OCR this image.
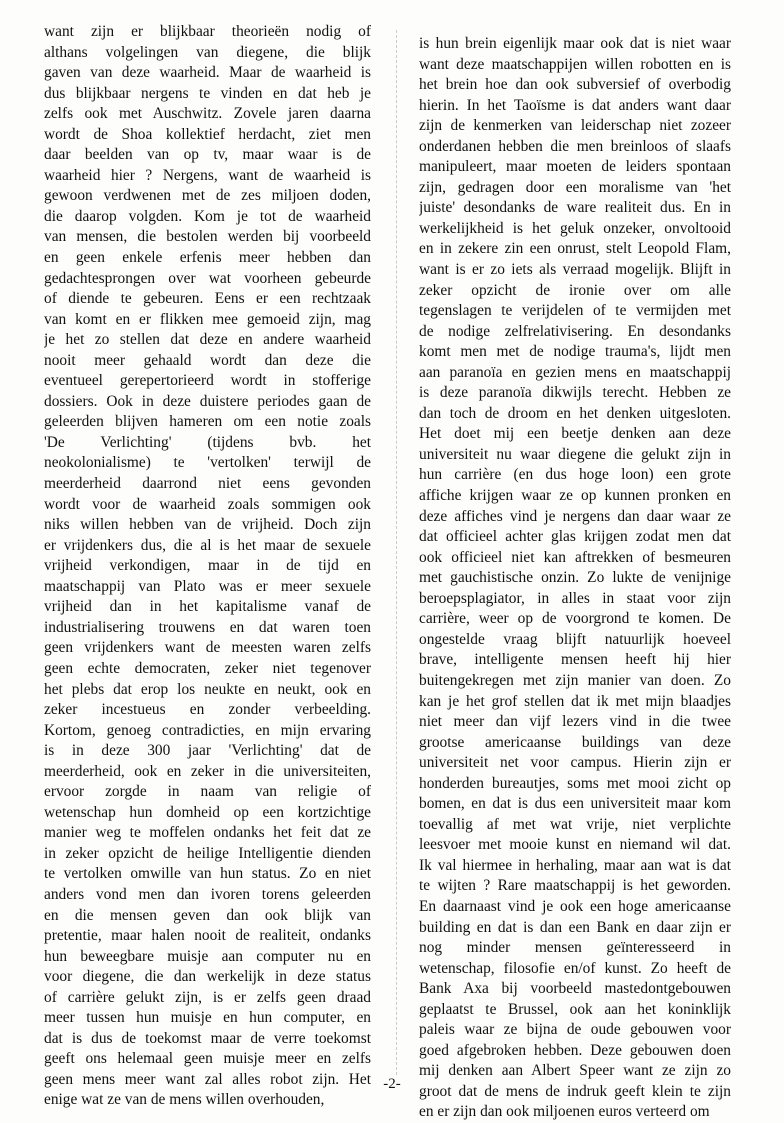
want zijn er blijkbaar theorieën nodig of
althans volgelingen van diegene, die blijk
gaven van deze waarheid. Maar de waarheid is
dus blijkbaar nergens te vinden en dat heb je
zelfs ook met Auschwitz. Zovele jaren daarna
wordt de Shoa kollektief herdacht, ziet men
daar beelden van op tv, maar waar is de
waarheid hier ? Nergens, want de waarheid is
gewoon verdwenen met de zes miljoen doden,
die daarop volgden. Kom je tot de waarheid
van mensen, die bestolen werden bij voorbeeld
en geen enkele erfenis meer hebben dan
gedachtesprongen over wat voorheen gebeurde
of diende te gebeuren. Eens er een rechtzaak
van komt en er flikken mee gemoeid zijn, mag
je het zo stellen dat deze en andere waarheid
nooit meer gehaald wordt dan deze die
eventueel gerepertorieerd wordt in stofferige
dossiers. Ook in deze duistere periodes gaan de
geleerden blijven hameren om een notie zoals
'De Verlichting' (tijdens bvb. het
neokolonialisme) te 'vertolken' terwijl de
meerderheid daarrond niet eens gevonden
wordt voor de waarheid zoals sommigen ook
niks willen hebben van de vrijheid. Doch zijn
er vrijdenkers dus, die al is het maar de sexuele
vrijheid verkondigen, maar in de tijd en
maatschappij van Plato was er meer sexuele
vrijheid dan in het kapitalisme vanaf de
industrialisering trouwens en dat waren toen
geen vrijdenkers want de meesten waren zelfs
geen echte democraten, zeker niet tegenover
het plebs dat erop los neukte en neukt, ook en
zeker incestueus en zonder verbeelding.
Kortom, genoeg contradicties, en mijn ervaring
is in deze 300 jaar 'Verlichting' dat de
meerderheid, ook en zeker in die universiteiten,
ervoor zorgde in naam van religie of
wetenschap hun domheid op een kortzichtige
manier weg te moffelen ondanks het feit dat ze
in zeker opzicht de heilige Intelligentie dienden
te vertolken omwille van hun status. Zo en niet
anders vond men dan ivoren torens geleerden
en die mensen geven dan ook blijk van
pretentie, maar halen nooit de realiteit, ondanks
hun beweegbare muisje aan computer nu en
voor diegene, die dan werkelijk in deze status
of carrière gelukt zijn, is er zelfs geen draad
meer tussen hun muisje en hun computer, en
dat is dus de toekomst maar de verre toekomst
geeft ons helemaal geen muisje meer en zelfs
geen mens meer want zal alles robot zijn. Het
enige wat ze van de mens willen overhouden,
is hun brein eigenlijk maar ook dat is niet waar
want deze maatschappijen willen robotten en is
het brein hoe dan ook subversief of overbodig
hierin. In het Taoïsme is dat anders want daar
zijn de kenmerken van leiderschap niet zozeer
onderdanen hebben die men breinloos of slaafs
manipuleert, maar moeten de leiders spontaan
zijn, gedragen door een moralisme van 'het
juiste' desondanks de ware realiteit dus. En in
werkelijkheid is het geluk onzeker, onvoltooid
en in zekere zin een onrust, stelt Leopold Flam,
want is er zo iets als verraad mogelijk. Blijft in
zeker opzicht de ironie over om alle
tegenslagen te verijdelen of te vermijden met
de nodige zelfrelativisering. En desondanks
komt men met de nodige trauma's, lijdt men
aan paranoïa en gezien mens en maatschappij
is deze paranoïa dikwijls terecht. Hebben ze
dan toch de droom en het denken uitgesloten.
Het doet mij een beetje denken aan deze
universiteit nu waar diegene die gelukt zijn in
hun carrière (en dus hoge loon) een grote
affiche krijgen waar ze op kunnen pronken en
deze affiches vind je nergens dan daar waar ze
dat officieel achter glas krijgen zodat men dat
ook officieel niet kan aftrekken of besmeuren
met gauchistische onzin. Zo lukte de venijnige
beroepsplagiator, in alles in staat voor zijn
carrière, weer op de voorgrond te komen. De
ongestelde vraag blijft natuurlijk hoeveel
brave, intelligente mensen heeft hij hier
buitengekregen met zijn manier van doen. Zo
kan je het grof stellen dat ik met mijn blaadjes
niet meer dan vijf lezers vind in die twee
grootse americaanse buildings van deze
universiteit net voor campus. Hierin zijn er
honderden bureautjes, soms met mooi zicht op
bomen, en dat is dus een universiteit maar kom
toevallig af met wat vrije, niet verplichte
leesvoer met mooie kunst en niemand wil dat.
Ik val hiermee in herhaling, maar aan wat is dat
te wijten ? Rare maatschappij is het geworden.
En daarnaast vind je ook een hoge americaanse
building en dat is dan een Bank en daar zijn er
nog minder mensen geïnteresseerd in
wetenschap, filosofie en/of kunst. Zo heeft de
Bank Axa bij voorbeeld mastedontgebouwen
geplaatst te Brussel, ook aan het koninklijk
paleis waar ze bijna de oude gebouwen voor
goed afgebroken hebben. Deze gebouwen doen
mij denken aan Albert Speer want ze zijn zo
groot dat de mens de indruk geeft klein te zijn
en er zijn dan ook miljoenen euros verteerd om
-2-
